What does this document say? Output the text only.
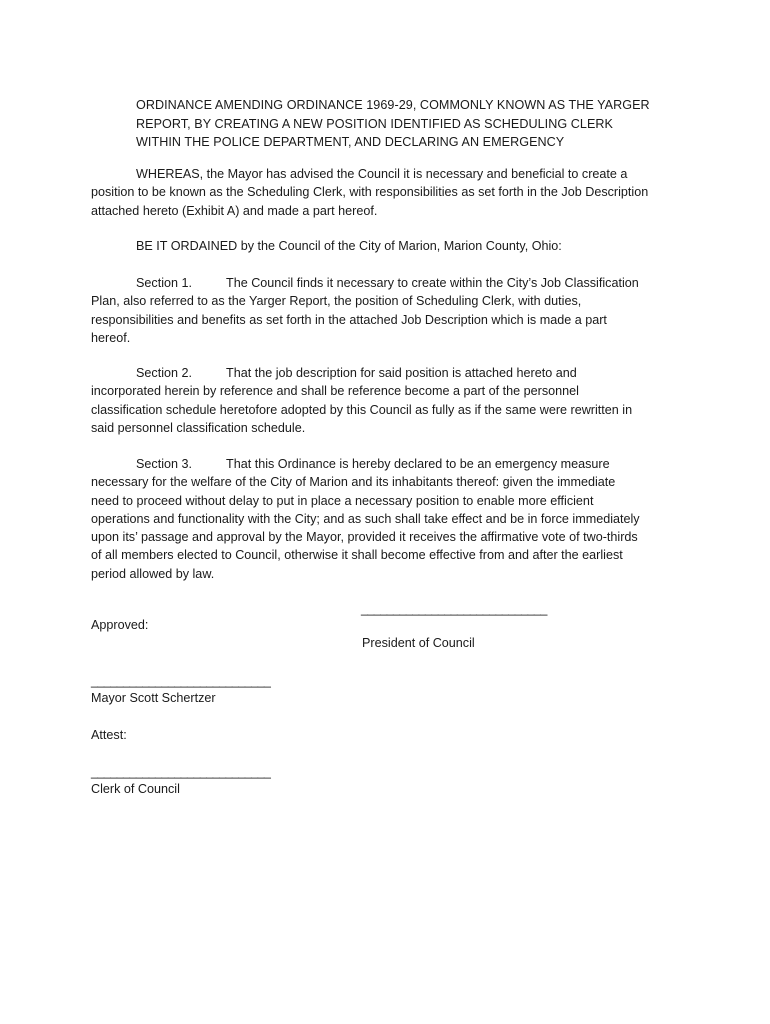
ORDINANCE AMENDING ORDINANCE 1969-29, COMMONLY KNOWN AS THE YARGER
REPORT, BY CREATING A NEW POSITION IDENTIFIED AS SCHEDULING CLERK
WITHIN THE POLICE DEPARTMENT, AND DECLARING AN EMERGENCY
WHEREAS, the Mayor has advised the Council it is necessary and beneficial to create a
position to be known as the Scheduling Clerk, with responsibilities as set forth in the Job Description
attached hereto (Exhibit A) and made a part hereof.
BE IT ORDAINED by the Council of the City of Marion, Marion County, Ohio:
Section 1.	The Council finds it necessary to create within the City’s Job Classification
Plan, also referred to as the Yarger Report, the position of Scheduling Clerk, with duties,
responsibilities and benefits as set forth in the attached Job Description which is made a part
hereof.
Section 2.	That the job description for said position is attached hereto and
incorporated herein by reference and shall be reference become a part of the personnel
classification schedule heretofore adopted by this Council as fully as if the same were rewritten in
said personnel classification schedule.
Section 3.	That this Ordinance is hereby declared to be an emergency measure
necessary for the welfare of the City of Marion and its inhabitants thereof: given the immediate
need to proceed without delay to put in place a necessary position to enable more efficient
operations and functionality with the City; and as such shall take effect and be in force immediately
upon its’ passage and approval by the Mayor, provided it receives the affirmative vote of two-thirds
of all members elected to Council, otherwise it shall become effective from and after the earliest
period allowed by law.
_____________________________
Approved:
President of Council
____________________________
Mayor Scott Schertzer
Attest:
____________________________
Clerk of Council
